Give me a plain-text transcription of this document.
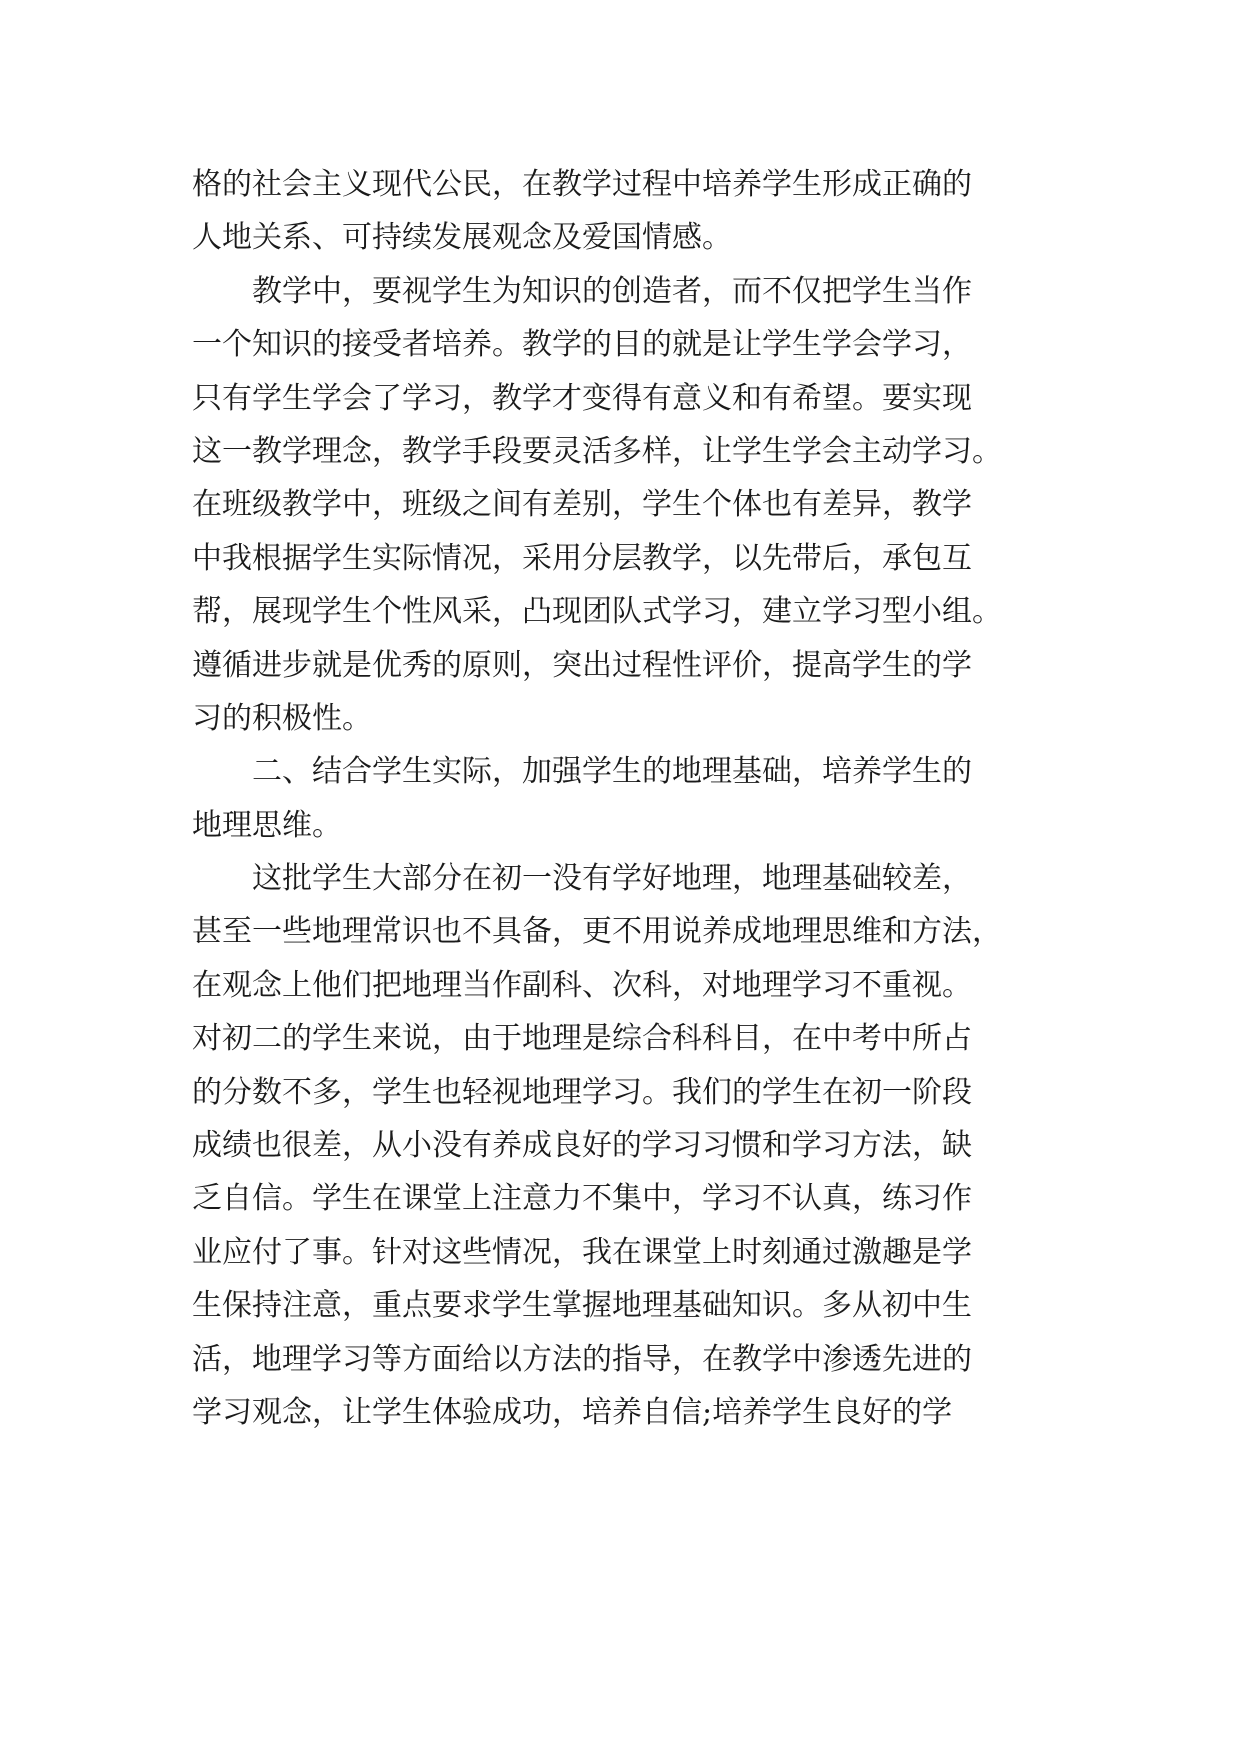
格的社会主义现代公民，在教学过程中培养学生形成正确的
人地关系、可持续发展观念及爱国情感。
　　教学中，要视学生为知识的创造者，而不仅把学生当作
一个知识的接受者培养。教学的目的就是让学生学会学习，
只有学生学会了学习，教学才变得有意义和有希望。要实现
这一教学理念，教学手段要灵活多样，让学生学会主动学习。
在班级教学中，班级之间有差别，学生个体也有差异，教学
中我根据学生实际情况，采用分层教学，以先带后，承包互
帮，展现学生个性风采，凸现团队式学习，建立学习型小组。
遵循进步就是优秀的原则，突出过程性评价，提高学生的学
习的积极性。
　　二、结合学生实际，加强学生的地理基础，培养学生的
地理思维。
　　这批学生大部分在初一没有学好地理，地理基础较差，
甚至一些地理常识也不具备，更不用说养成地理思维和方法，
在观念上他们把地理当作副科、次科，对地理学习不重视。
对初二的学生来说，由于地理是综合科科目，在中考中所占
的分数不多，学生也轻视地理学习。我们的学生在初一阶段
成绩也很差，从小没有养成良好的学习习惯和学习方法，缺
乏自信。学生在课堂上注意力不集中，学习不认真，练习作
业应付了事。针对这些情况，我在课堂上时刻通过激趣是学
生保持注意，重点要求学生掌握地理基础知识。多从初中生
活，地理学习等方面给以方法的指导，在教学中渗透先进的
学习观念，让学生体验成功，培养自信;培养学生良好的学
